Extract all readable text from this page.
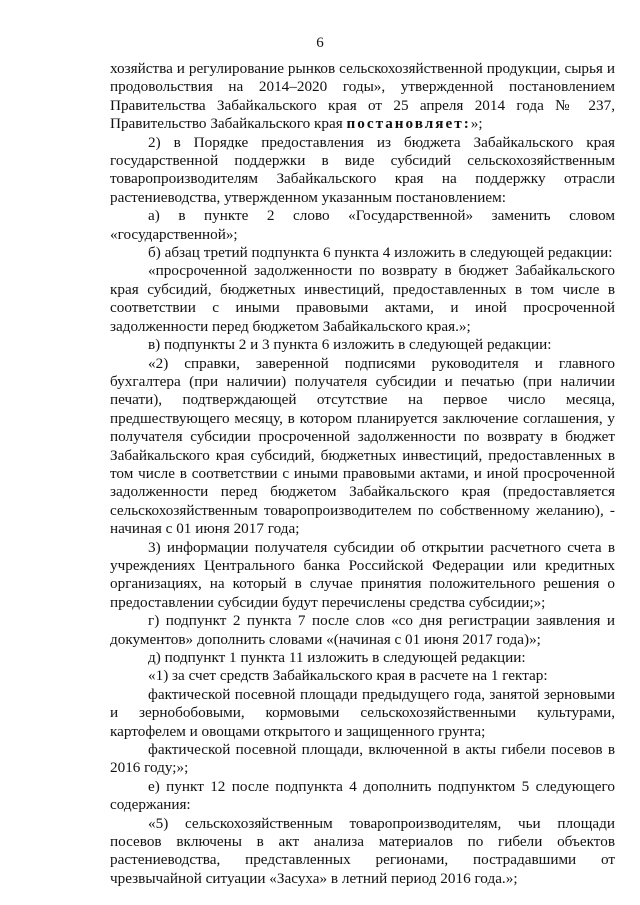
6

хозяйства и регулирование рынков сельскохозяйственной продукции, сырья и продовольствия на 2014–2020 годы», утвержденной постановлением Правительства Забайкальского края от 25 апреля 2014 года № 237, Правительство Забайкальского края постановляет:»;

2) в Порядке предоставления из бюджета Забайкальского края государственной поддержки в виде субсидий сельскохозяйственным товаропроизводителям Забайкальского края на поддержку отрасли растениеводства, утвержденном указанным постановлением:

а) в пункте 2 слово «Государственной» заменить словом «государственной»;

б) абзац третий подпункта 6 пункта 4 изложить в следующей редакции:

«просроченной задолженности по возврату в бюджет Забайкальского края субсидий, бюджетных инвестиций, предоставленных в том числе в соответствии с иными правовыми актами, и иной просроченной задолженности перед бюджетом Забайкальского края.»;

в) подпункты 2 и 3 пункта 6 изложить в следующей редакции:

«2) справки, заверенной подписями руководителя и главного бухгалтера (при наличии) получателя субсидии и печатью (при наличии печати), подтверждающей отсутствие на первое число месяца, предшествующего месяцу, в котором планируется заключение соглашения, у получателя субсидии просроченной задолженности по возврату в бюджет Забайкальского края субсидий, бюджетных инвестиций, предоставленных в том числе в соответствии с иными правовыми актами, и иной просроченной задолженности перед бюджетом Забайкальского края (предоставляется сельскохозяйственным товаропроизводителем по собственному желанию), - начиная с 01 июня 2017 года;

3) информации получателя субсидии об открытии расчетного счета в учреждениях Центрального банка Российской Федерации или кредитных организациях, на который в случае принятия положительного решения о предоставлении субсидии будут перечислены средства субсидии;»;

г) подпункт 2 пункта 7 после слов «со дня регистрации заявления и документов» дополнить словами «(начиная с 01 июня 2017 года)»;

д) подпункт 1 пункта 11 изложить в следующей редакции:

«1) за счет средств Забайкальского края в расчете на 1 гектар:

фактической посевной площади предыдущего года, занятой зерновыми и зернобобовыми, кормовыми сельскохозяйственными культурами, картофелем и овощами открытого и защищенного грунта;

фактической посевной площади, включенной в акты гибели посевов в 2016 году;»;

е) пункт 12 после подпункта 4 дополнить подпунктом 5 следующего содержания:

«5) сельскохозяйственным товаропроизводителям, чьи площади посевов включены в акт анализа материалов по гибели объектов растениеводства, представленных регионами, пострадавшими от чрезвычайной ситуации «Засуха» в летний период 2016 года.»;
